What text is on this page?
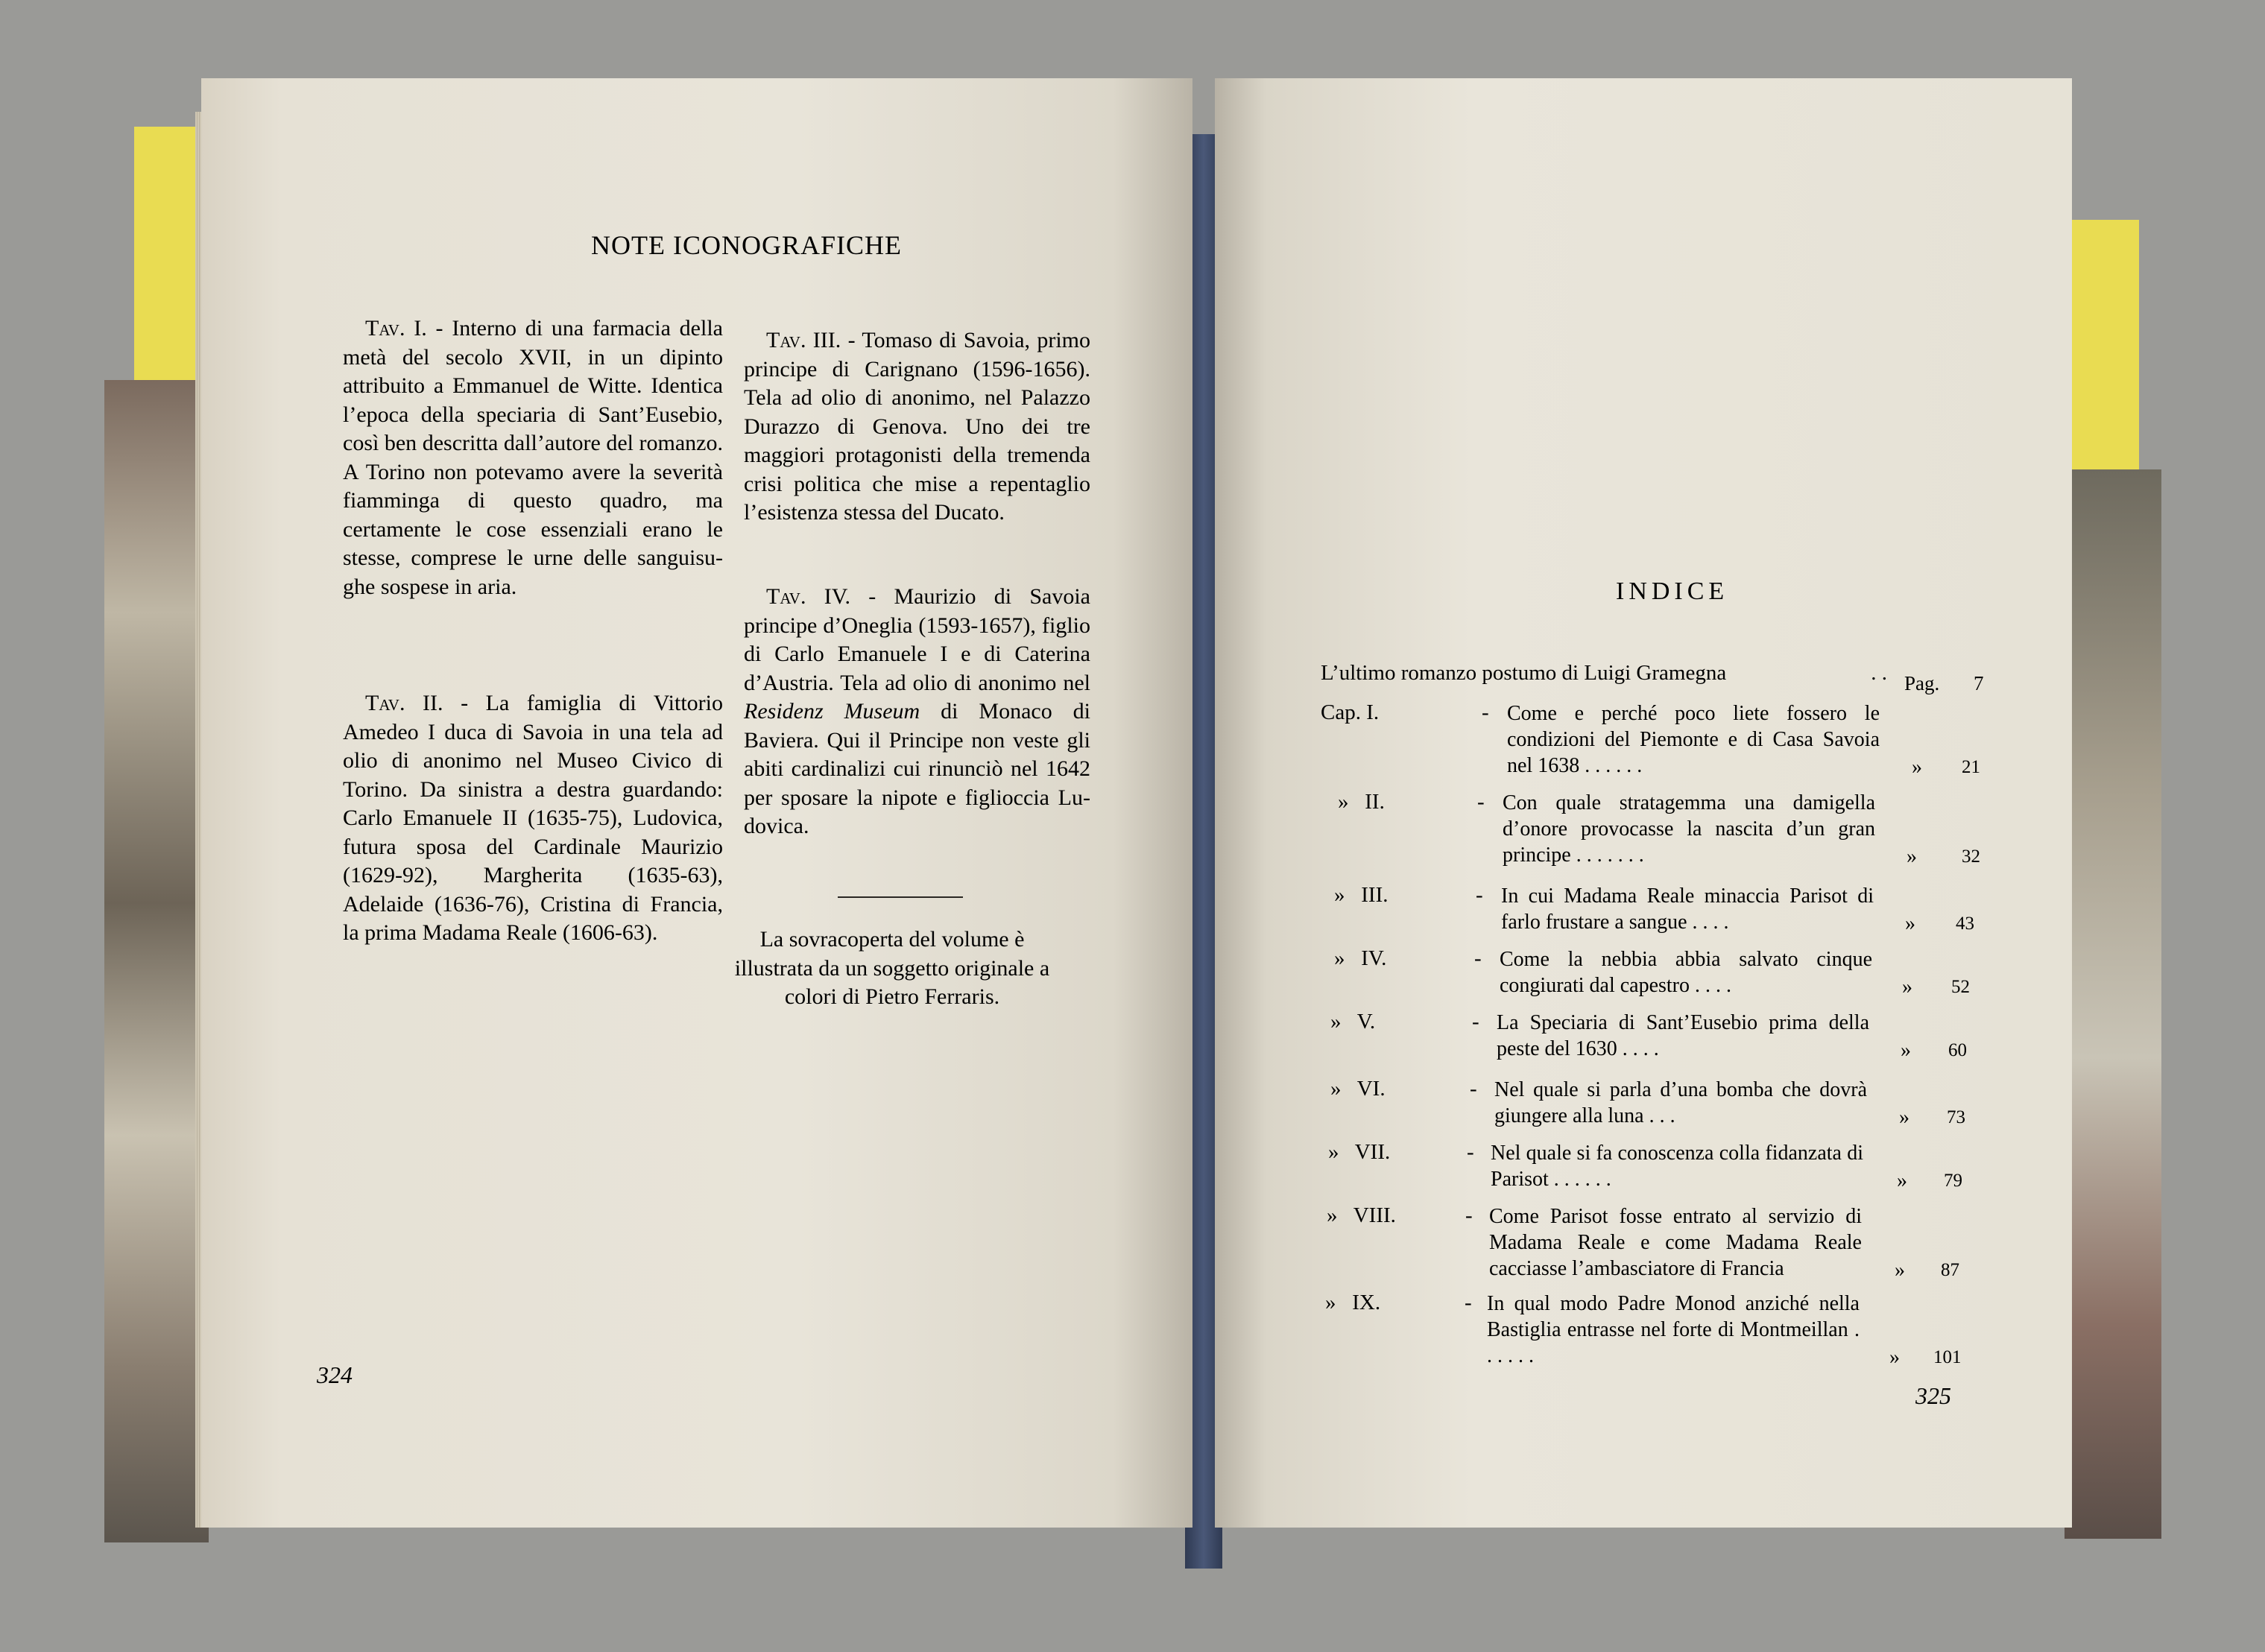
NOTE ICONOGRAFICHE
 Tav. I. - Interno di una farmacia della metà del secolo XVII, in un dipinto attribuito a Emmanuel de Witte. Identica l’epoca della speciaria di Sant’Eusebio, così ben descritta dall’autore del romanzo. A Torino non potevamo avere la severità fiamminga di questo quadro, ma certamente le cose essenziali erano le stesse, comprese le urne delle sanguisughe sospese in aria.
 Tav. II. - La famiglia di Vittorio Amedeo I duca di Savoia in una tela ad olio di anonimo nel Museo Civico di Torino. Da sinistra a destra guardando: Carlo Emanuele II (1635-75), Ludovica, futura sposa del Cardinale Maurizio (1629-92), Margherita (1635-63), Adelaide (1636-76), Cristina di Francia, la prima Madama Reale (1606-63).
 Tav. III. - Tomaso di Savoia, primo principe di Carignano (1596-1656). Tela ad olio di anonimo, nel Palazzo Durazzo di Genova. Uno dei tre maggiori protagonisti della tremenda crisi politica che mise a repentaglio l’esistenza stessa del Ducato.
 Tav. IV. - Maurizio di Savoia principe d’Oneglia (1593-1657), figlio di Carlo Emanuele I e di Caterina d’Austria. Tela ad olio di anonimo nel Residenz Museum di Monaco di Baviera. Qui il Principe non veste gli abiti cardinalizi cui rinunciò nel 1642 per sposare la nipote e figlioccia Ludovica.
La sovracoperta del volume è illustrata da un soggetto originale a colori di Pietro Ferraris.
324
INDICE
L’ultimo romanzo postumo di Luigi Gramegna	. . Pag. 7
Cap. I.	- Come e perché poco liete fossero le condizioni del Piemonte e di Casa Savoia nel 1638 . . . . . .	» 21
»   II.	- Con quale stratagemma una damigella d’onore provocasse la nascita d’un gran principe . . . . . . .	» 32
»   III.	- In cui Madama Reale minaccia Parisot di farlo frustare a sangue . . . .	» 43
»   IV.	- Come la nebbia abbia salvato cinque congiurati dal capestro . . . .	» 52
»   V.	- La Speciaria di Sant’Eusebio prima della peste del 1630 . . . .	» 60
»   VI.	- Nel quale si parla d’una bomba che dovrà giungere alla luna . . .	» 73
»   VII.	- Nel quale si fa conoscenza colla fidanzata di Parisot . . . . . .	» 79
»   VIII.	- Come Parisot fosse entrato al servizio di Madama Reale e come Madama Reale cacciasse l’ambasciatore di Francia	» 87
»   IX.	- In qual modo Padre Monod anziché nella Bastiglia entrasse nel forte di Montmeillan . . . . . .	» 101
325
